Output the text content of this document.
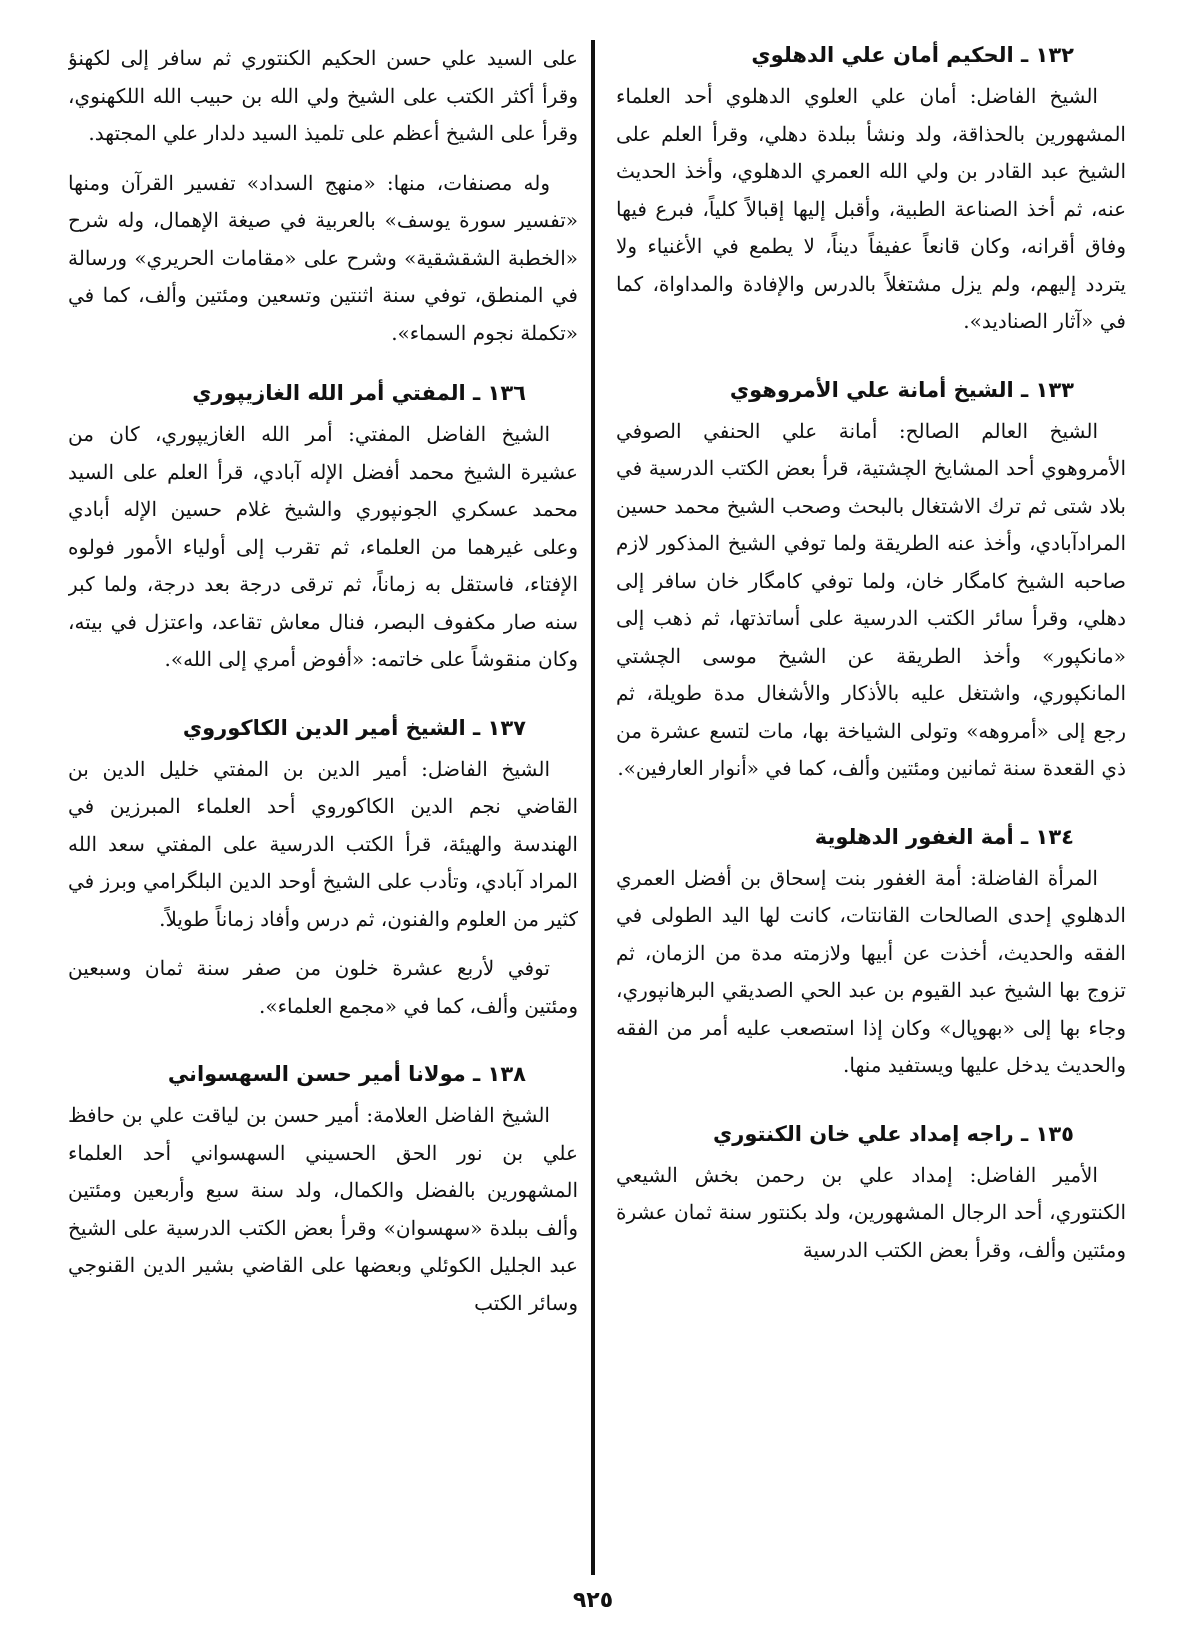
١٣٢ ـ الحكيم أمان علي الدهلوي

الشيخ الفاضل: أمان علي العلوي الدهلوي أحد العلماء المشهورين بالحذاقة، ولد ونشأ ببلدة دهلي، وقرأ العلم على الشيخ عبد القادر بن ولي الله العمري الدهلوي، وأخذ الحديث عنه، ثم أخذ الصناعة الطبية، وأقبل إليها إقبالاً كلياً، فبرع فيها وفاق أقرانه، وكان قانعاً عفيفاً ديناً، لا يطمع في الأغنياء ولا يتردد إليهم، ولم يزل مشتغلاً بالدرس والإفادة والمداواة، كما في «آثار الصناديد».

١٣٣ ـ الشيخ أمانة علي الأمروهوي

الشيخ العالم الصالح: أمانة علي الحنفي الصوفي الأمروهوي أحد المشايخ الچشتية، قرأ بعض الكتب الدرسية في بلاد شتى ثم ترك الاشتغال بالبحث وصحب الشيخ محمد حسين المرادآبادي، وأخذ عنه الطريقة ولما توفي الشيخ المذكور لازم صاحبه الشيخ كامگار خان، ولما توفي كامگار خان سافر إلى دهلي، وقرأ سائر الكتب الدرسية على أساتذتها، ثم ذهب إلى «مانكپور» وأخذ الطريقة عن الشيخ موسى الچشتي المانكپوري، واشتغل عليه بالأذكار والأشغال مدة طويلة، ثم رجع إلى «أمروهه» وتولى الشياخة بها، مات لتسع عشرة من ذي القعدة سنة ثمانين ومئتين وألف، كما في «أنوار العارفين».

١٣٤ ـ أمة الغفور الدهلوية

المرأة الفاضلة: أمة الغفور بنت إسحاق بن أفضل العمري الدهلوي إحدى الصالحات القانتات، كانت لها اليد الطولى في الفقه والحديث، أخذت عن أبيها ولازمته مدة من الزمان، ثم تزوج بها الشيخ عبد القيوم بن عبد الحي الصديقي البرهانپوري، وجاء بها إلى «بهوپال» وكان إذا استصعب عليه أمر من الفقه والحديث يدخل عليها ويستفيد منها.

١٣٥ ـ راجه إمداد علي خان الكنتوري

الأمير الفاضل: إمداد علي بن رحمن بخش الشيعي الكنتوري، أحد الرجال المشهورين، ولد بكنتور سنة ثمان عشرة ومئتين وألف، وقرأ بعض الكتب الدرسية

على السيد علي حسن الحكيم الكنتوري ثم سافر إلى لكهنؤ وقرأ أكثر الكتب على الشيخ ولي الله بن حبيب الله اللكهنوي، وقرأ على الشيخ أعظم على تلميذ السيد دلدار علي المجتهد.

وله مصنفات، منها: «منهج السداد» تفسير القرآن ومنها «تفسير سورة يوسف» بالعربية في صيغة الإهمال، وله شرح «الخطبة الشقشقية» وشرح على «مقامات الحريري» ورسالة في المنطق، توفي سنة اثنتين وتسعين ومئتين وألف، كما في «تكملة نجوم السماء».

١٣٦ ـ المفتي أمر الله الغازيپوري

الشيخ الفاضل المفتي: أمر الله الغازيپوري، كان من عشيرة الشيخ محمد أفضل الإله آبادي، قرأ العلم على السيد محمد عسكري الجونپوري والشيخ غلام حسين الإله أبادي وعلى غيرهما من العلماء، ثم تقرب إلى أولياء الأمور فولوه الإفتاء، فاستقل به زماناً، ثم ترقى درجة بعد درجة، ولما كبر سنه صار مكفوف البصر، فنال معاش تقاعد، واعتزل في بيته، وكان منقوشاً على خاتمه: «أفوض أمري إلى الله».

١٣٧ ـ الشيخ أمير الدين الكاكوروي

الشيخ الفاضل: أمير الدين بن المفتي خليل الدين بن القاضي نجم الدين الكاكوروي أحد العلماء المبرزين في الهندسة والهيئة، قرأ الكتب الدرسية على المفتي سعد الله المراد آبادي، وتأدب على الشيخ أوحد الدين البلگرامي وبرز في كثير من العلوم والفنون، ثم درس وأفاد زماناً طويلاً.

توفي لأربع عشرة خلون من صفر سنة ثمان وسبعين ومئتين وألف، كما في «مجمع العلماء».

١٣٨ ـ مولانا أمير حسن السهسواني

الشيخ الفاضل العلامة: أمير حسن بن لياقت علي بن حافظ علي بن نور الحق الحسيني السهسواني أحد العلماء المشهورين بالفضل والكمال، ولد سنة سبع وأربعين ومئتين وألف ببلدة «سهسوان» وقرأ بعض الكتب الدرسية على الشيخ عبد الجليل الكوئلي وبعضها على القاضي بشير الدين القنوجي وسائر الكتب

٩٢٥
